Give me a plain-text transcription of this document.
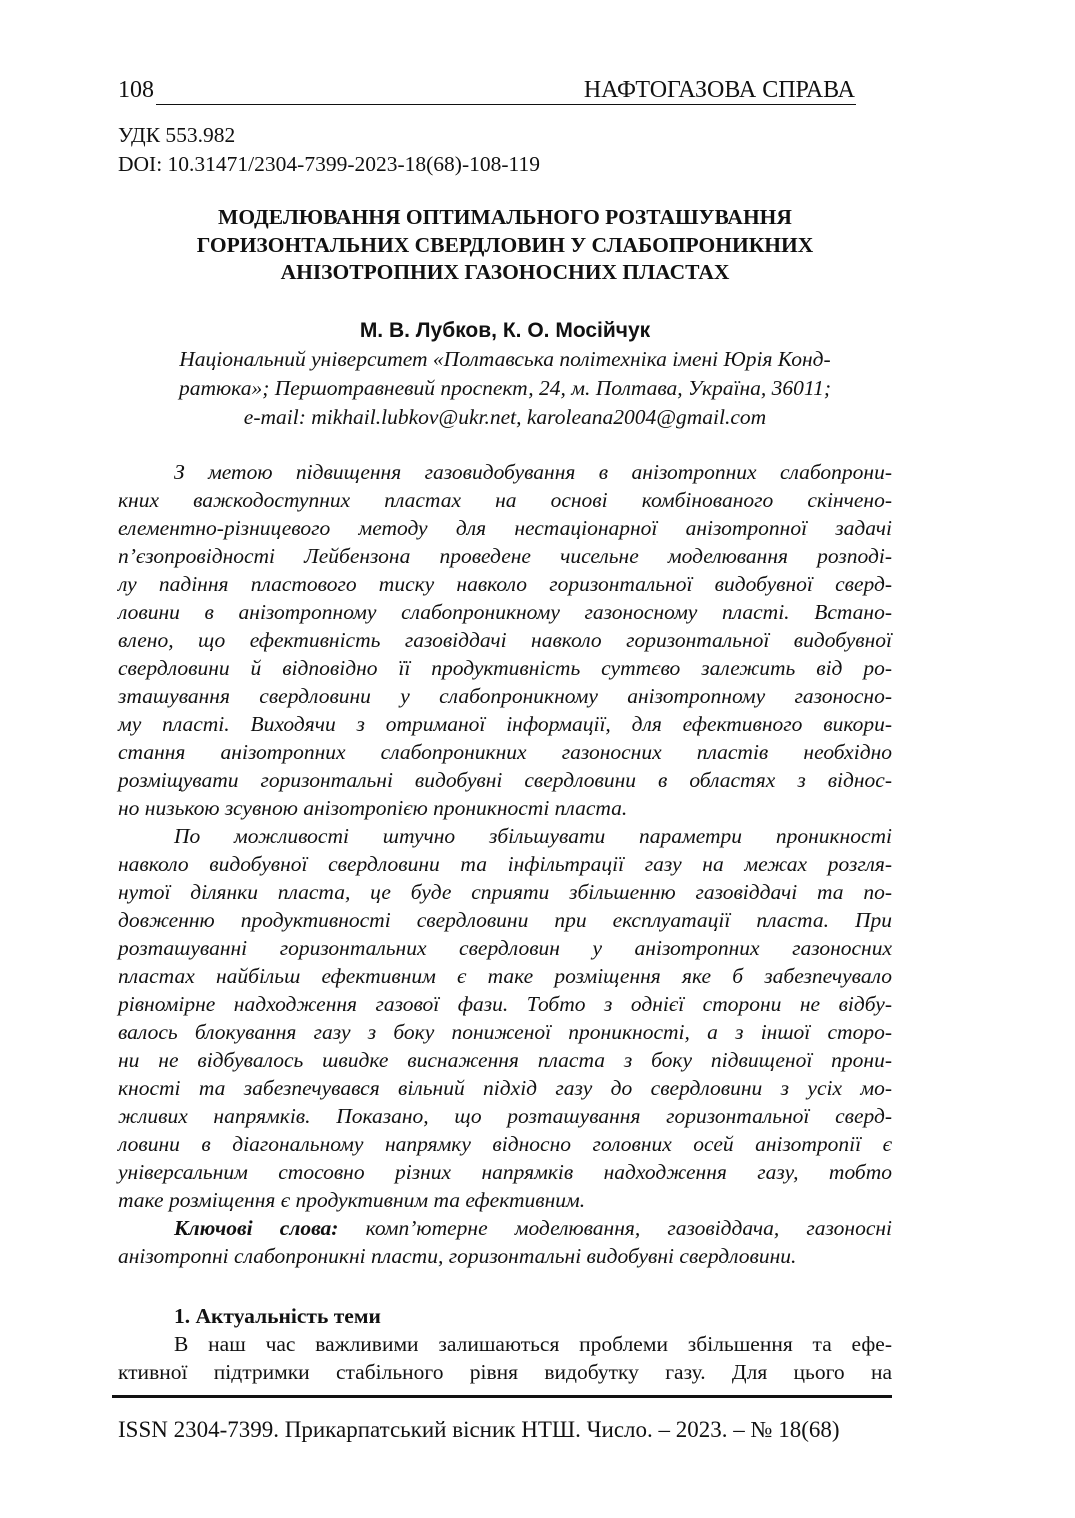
108	НАФТОГАЗОВА СПРАВА
УДК 553.982
DOI: 10.31471/2304-7399-2023-18(68)-108-119
МОДЕЛЮВАННЯ ОПТИМАЛЬНОГО РОЗТАШУВАННЯ
ГОРИЗОНТАЛЬНИХ СВЕРДЛОВИН У СЛАБОПРОНИКНИХ
АНІЗОТРОПНИХ ГАЗОНОСНИХ ПЛАСТАХ
М. В. Лубков, К. О. Мосійчук
Національний університет «Полтавська політехніка імені Юрія Конд-
ратюка»; Першотравневий проспект, 24, м. Полтава, Україна, 36011;
e-mail: mikhail.lubkov@ukr.net, karoleana2004@gmail.com

З метою підвищення газовидобування в анізотропних слабопрони-
кних важкодоступних пластах на основі комбінованого скінчено-
елементно-різницевого методу для нестаціонарної анізотропної задачі
п’єзопровідності Лейбензона проведене чисельне моделювання розподі-
лу падіння пластового тиску навколо горизонтальної видобувної сверд-
ловини в анізотропному слабопроникному газоносному пласті. Встано-
влено, що ефективність газовіддачі навколо горизонтальної видобувної
свердловини й відповідно її продуктивність суттєво залежить від ро-
зташування свердловини у слабопроникному анізотропному газоносно-
му пласті. Виходячи з отриманої інформації, для ефективного викори-
стання анізотропних слабопроникних газоносних пластів необхідно
розміщувати горизонтальні видобувні свердловини в областях з віднос-
но низькою зсувною анізотропією проникності пласта.

По можливості штучно збільшувати параметри проникності
навколо видобувної свердловини та інфільтрації газу на межах розгля-
нутої ділянки пласта, це буде сприяти збільшенню газовіддачі та по-
довженню продуктивності свердловини при експлуатації пласта. При
розташуванні горизонтальних свердловин у анізотропних газоносних
пластах найбільш ефективним є таке розміщення яке б забезпечувало
рівномірне надходження газової фази. Тобто з однієї сторони не відбу-
валось блокування газу з боку пониженої проникності, а з іншої сторо-
ни не відбувалось швидке виснаження пласта з боку підвищеної прони-
кності та забезпечувався вільний підхід газу до свердловини з усіх мо-
жливих напрямків. Показано, що розташування горизонтальної сверд-
ловини в діагональному напрямку відносно головних осей анізотропії є
універсальним стосовно різних напрямків надходження газу, тобто
таке розміщення є продуктивним та ефективним.

Ключові слова: комп’ютерне моделювання, газовіддача, газоносні
анізотропні слабопроникні пласти, горизонтальні видобувні свердловини.

1. Актуальність теми
В наш час важливими залишаються проблеми збільшення та ефе-
ктивної підтримки стабільного рівня видобутку газу. Для цього на
ISSN 2304-7399. Прикарпатський вісник НТШ. Число. – 2023. – № 18(68)
